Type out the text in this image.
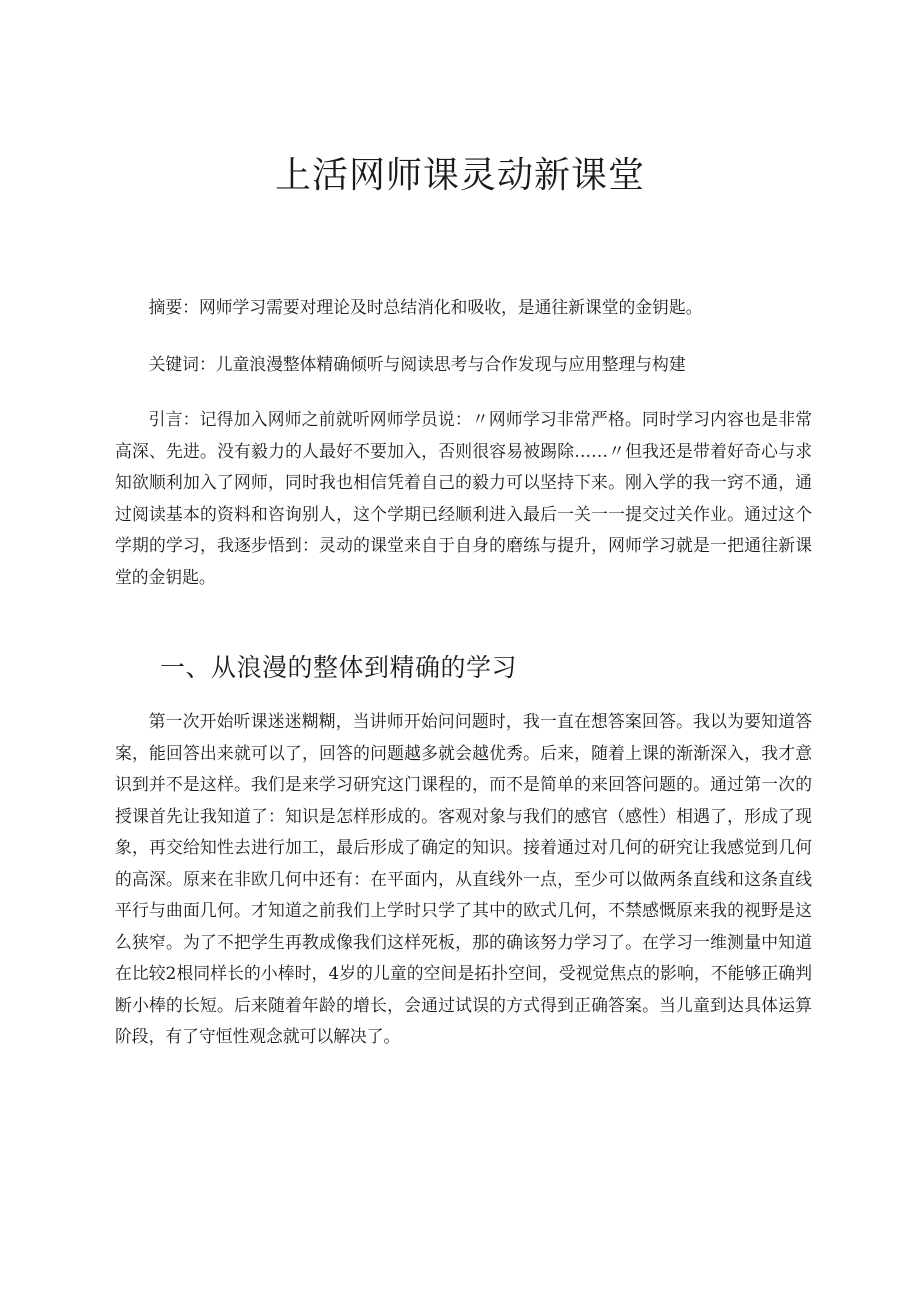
上活网师课灵动新课堂

摘要：网师学习需要对理论及时总结消化和吸收，是通往新课堂的金钥匙。

关键词：儿童浪漫整体精确倾听与阅读思考与合作发现与应用整理与构建

引言：记得加入网师之前就听网师学员说：〃网师学习非常严格。同时学习内容也是非常高深、先进。没有毅力的人最好不要加入，否则很容易被踢除……〃但我还是带着好奇心与求知欲顺利加入了网师，同时我也相信凭着自己的毅力可以坚持下来。刚入学的我一窍不通，通过阅读基本的资料和咨询别人，这个学期已经顺利进入最后一关一一提交过关作业。通过这个学期的学习，我逐步悟到：灵动的课堂来自于自身的磨练与提升，网师学习就是一把通往新课堂的金钥匙。

一、从浪漫的整体到精确的学习

第一次开始听课迷迷糊糊，当讲师开始问问题时，我一直在想答案回答。我以为要知道答案，能回答出来就可以了，回答的问题越多就会越优秀。后来，随着上课的渐渐深入，我才意识到并不是这样。我们是来学习研究这门课程的，而不是简单的来回答问题的。通过第一次的授课首先让我知道了：知识是怎样形成的。客观对象与我们的感官（感性）相遇了，形成了现象，再交给知性去进行加工，最后形成了确定的知识。接着通过对几何的研究让我感觉到几何的高深。原来在非欧几何中还有：在平面内，从直线外一点，至少可以做两条直线和这条直线平行与曲面几何。才知道之前我们上学时只学了其中的欧式几何，不禁感慨原来我的视野是这么狭窄。为了不把学生再教成像我们这样死板，那的确该努力学习了。在学习一维测量中知道在比较2根同样长的小棒时，4岁的儿童的空间是拓扑空间，受视觉焦点的影响，不能够正确判断小棒的长短。后来随着年龄的增长，会通过试误的方式得到正确答案。当儿童到达具体运算阶段，有了守恒性观念就可以解决了。
